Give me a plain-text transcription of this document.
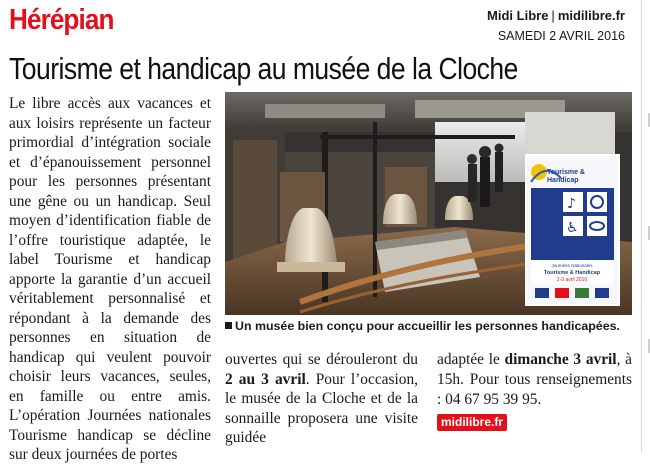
Hérépian	Midi Libre | midilibre.fr
SAMEDI 2 AVRIL 2016
Tourisme et handicap au musée de la Cloche

Le libre accès aux vacances et aux loisirs représente un facteur primordial d’intégration sociale et d’épanouissement personnel pour les personnes présentant une gêne ou un handicap. Seul moyen d’identification fiable de l’offre touristique adaptée, le label Tourisme et handicap apporte la garantie d’un accueil véritablement personnalisé et répondant à la demande des personnes en situation de handicap qui veulent pouvoir choisir leurs vacances, seules, en famille ou entre amis. L’opération Journées nationales Tourisme handicap se décline sur deux journées de portes

Tourisme &
Handicap
♪
♿
Journées Nationales
Tourisme & Handicap
2-3 avril 2016
Un musée bien conçu pour accueillir les personnes handicapées.

ouvertes qui se dérouleront du 2 au 3 avril. Pour l’occasion, le musée de la Cloche et de la sonnaille proposera une visite guidée

adaptée le dimanche 3 avril, à 15h. Pour tous renseignements : 04 67 95 39 95.

midilibre.fr
